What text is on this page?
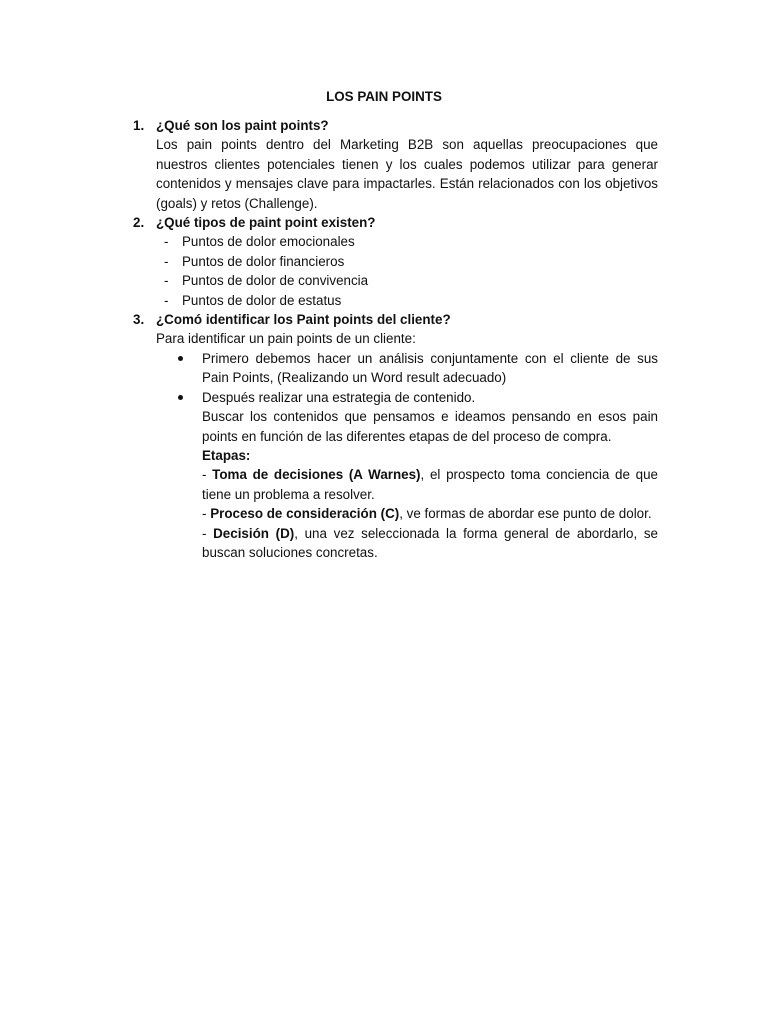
LOS PAIN POINTS
1. ¿Qué son los paint points?
Los pain points dentro del Marketing B2B son aquellas preocupaciones que nuestros clientes potenciales tienen y los cuales podemos utilizar para generar contenidos y mensajes clave para impactarles. Están relacionados con los objetivos (goals) y retos (Challenge).
2. ¿Qué tipos de paint point existen?
- Puntos de dolor emocionales
- Puntos de dolor financieros
- Puntos de dolor de convivencia
- Puntos de dolor de estatus
3. ¿Comó identificar los Paint points del cliente?
Para identificar un pain points de un cliente:
Primero debemos hacer un análisis conjuntamente con el cliente de sus Pain Points, (Realizando un Word result adecuado)
Después realizar una estrategia de contenido.
Buscar los contenidos que pensamos e ideamos pensando en esos pain points en función de las diferentes etapas de del proceso de compra.
Etapas:
- Toma de decisiones (A Warnes), el prospecto toma conciencia de que tiene un problema a resolver.
- Proceso de consideración (C), ve formas de abordar ese punto de dolor.
- Decisión (D), una vez seleccionada la forma general de abordarlo, se buscan soluciones concretas.
